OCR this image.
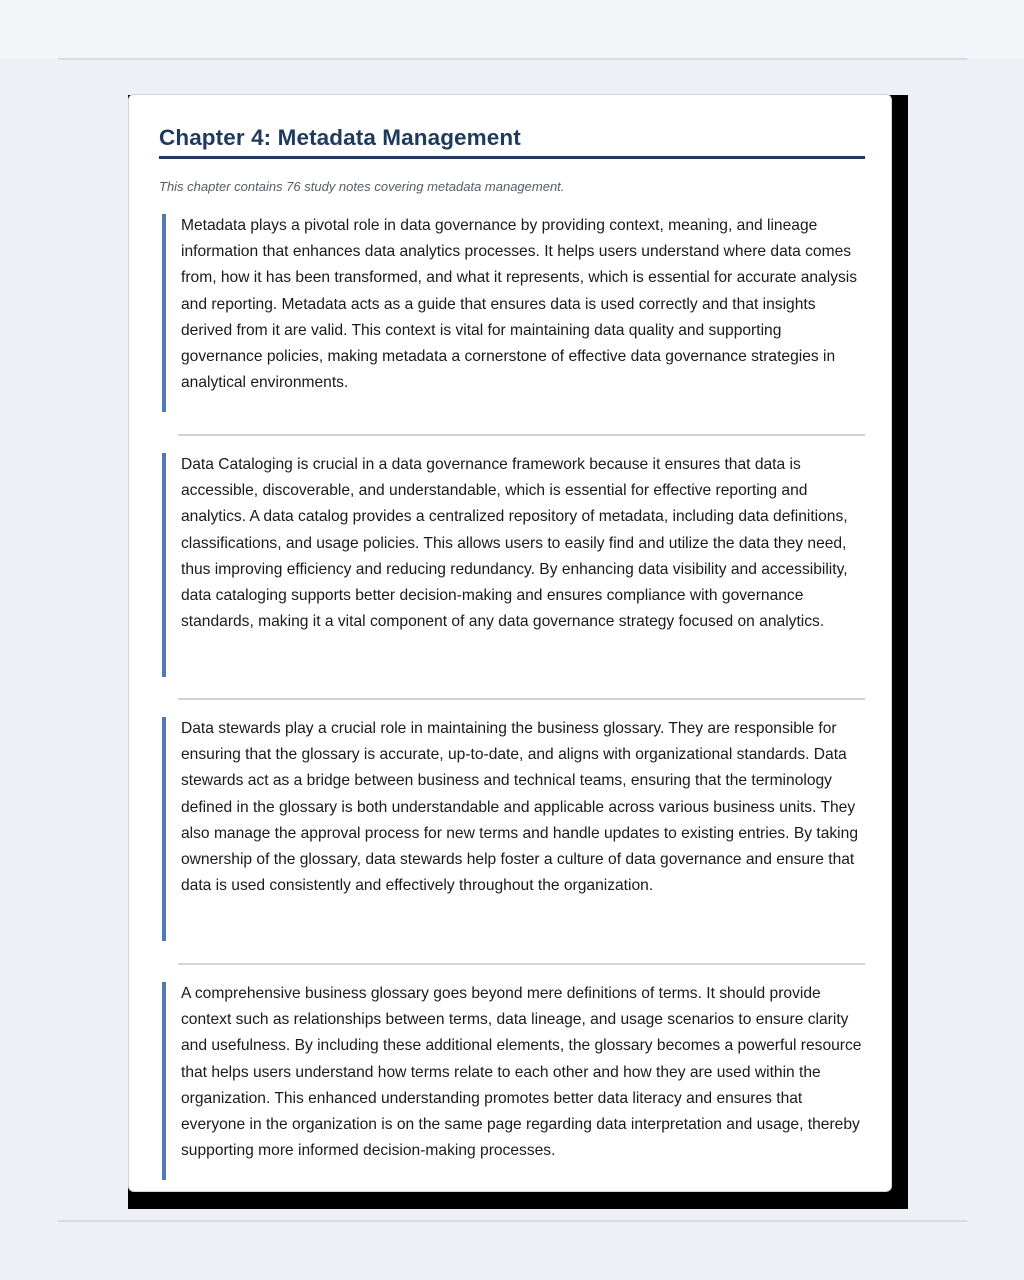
Chapter 4: Metadata Management
This chapter contains 76 study notes covering metadata management.

Metadata plays a pivotal role in data governance by providing context, meaning, and lineage information that enhances data analytics processes. It helps users understand where data comes from, how it has been transformed, and what it represents, which is essential for accurate analysis and reporting. Metadata acts as a guide that ensures data is used correctly and that insights derived from it are valid. This context is vital for maintaining data quality and supporting governance policies, making metadata a cornerstone of effective data governance strategies in analytical environments.

Data Cataloging is crucial in a data governance framework because it ensures that data is accessible, discoverable, and understandable, which is essential for effective reporting and analytics. A data catalog provides a centralized repository of metadata, including data definitions, classifications, and usage policies. This allows users to easily find and utilize the data they need, thus improving efficiency and reducing redundancy. By enhancing data visibility and accessibility, data cataloging supports better decision-making and ensures compliance with governance standards, making it a vital component of any data governance strategy focused on analytics.

Data stewards play a crucial role in maintaining the business glossary. They are responsible for ensuring that the glossary is accurate, up-to-date, and aligns with organizational standards. Data stewards act as a bridge between business and technical teams, ensuring that the terminology defined in the glossary is both understandable and applicable across various business units. They also manage the approval process for new terms and handle updates to existing entries. By taking ownership of the glossary, data stewards help foster a culture of data governance and ensure that data is used consistently and effectively throughout the organization.

A comprehensive business glossary goes beyond mere definitions of terms. It should provide context such as relationships between terms, data lineage, and usage scenarios to ensure clarity and usefulness. By including these additional elements, the glossary becomes a powerful resource that helps users understand how terms relate to each other and how they are used within the organization. This enhanced understanding promotes better data literacy and ensures that everyone in the organization is on the same page regarding data interpretation and usage, thereby supporting more informed decision-making processes.
